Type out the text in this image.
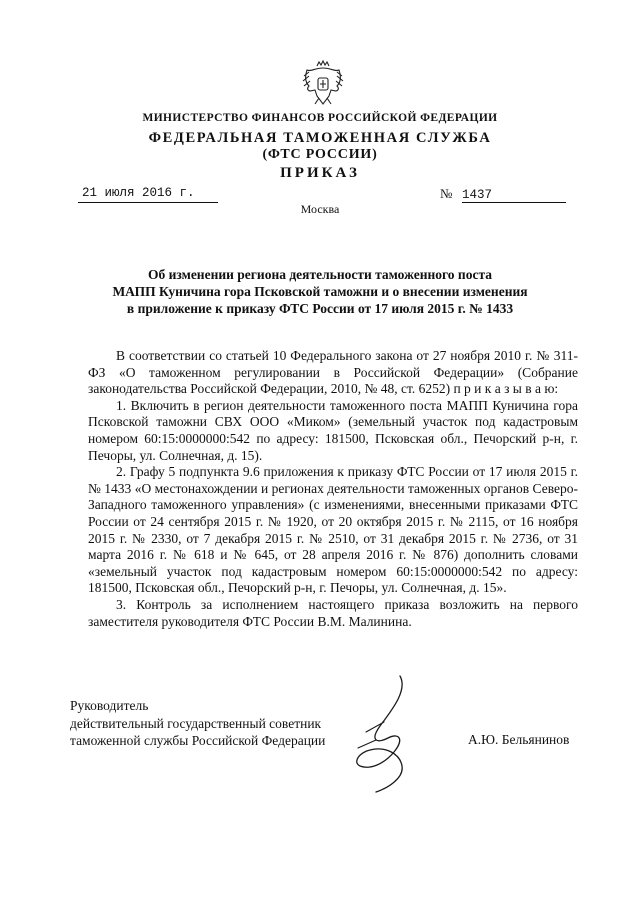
МИНИСТЕРСТВО ФИНАНСОВ РОССИЙСКОЙ ФЕДЕРАЦИИ
ФЕДЕРАЛЬНАЯ ТАМОЖЕННАЯ СЛУЖБА
(ФТС РОССИИ)
ПРИКАЗ
21 июля 2016 г.	№ 1437
Москва
Об изменении региона деятельности таможенного поста
МАПП Куничина гора Псковской таможни и о внесении изменения
в приложение к приказу ФТС России от 17 июля 2015 г. № 1433

В соответствии со статьей 10 Федерального закона от 27 ноября 2010 г. № 311-ФЗ «О таможенном регулировании в Российской Федерации» (Собрание законодательства Российской Федерации, 2010, № 48, ст. 6252) п р и к а з ы в а ю:

1. Включить в регион деятельности таможенного поста МАПП Куничина гора Псковской таможни СВХ ООО «Миком» (земельный участок под кадастровым номером 60:15:0000000:542 по адресу: 181500, Псковская обл., Печорский р-н, г. Печоры, ул. Солнечная, д. 15).

2. Графу 5 подпункта 9.6 приложения к приказу ФТС России от 17 июля 2015 г. № 1433 «О местонахождении и регионах деятельности таможенных органов Северо-Западного таможенного управления» (с изменениями, внесенными приказами ФТС России от 24 сентября 2015 г. № 1920, от 20 октября 2015 г. № 2115, от 16 ноября 2015 г. № 2330, от 7 декабря 2015 г. № 2510, от 31 декабря 2015 г. № 2736, от 31 марта 2016 г. № 618 и № 645, от 28 апреля 2016 г. № 876) дополнить словами «земельный участок под кадастровым номером 60:15:0000000:542 по адресу: 181500, Псковская обл., Печорский р-н, г. Печоры, ул. Солнечная, д. 15».

3. Контроль за исполнением настоящего приказа возложить на первого заместителя руководителя ФТС России В.М. Малинина.

Руководитель
действительный государственный советник
таможенной службы Российской Федерации	А.Ю. Бельянинов
